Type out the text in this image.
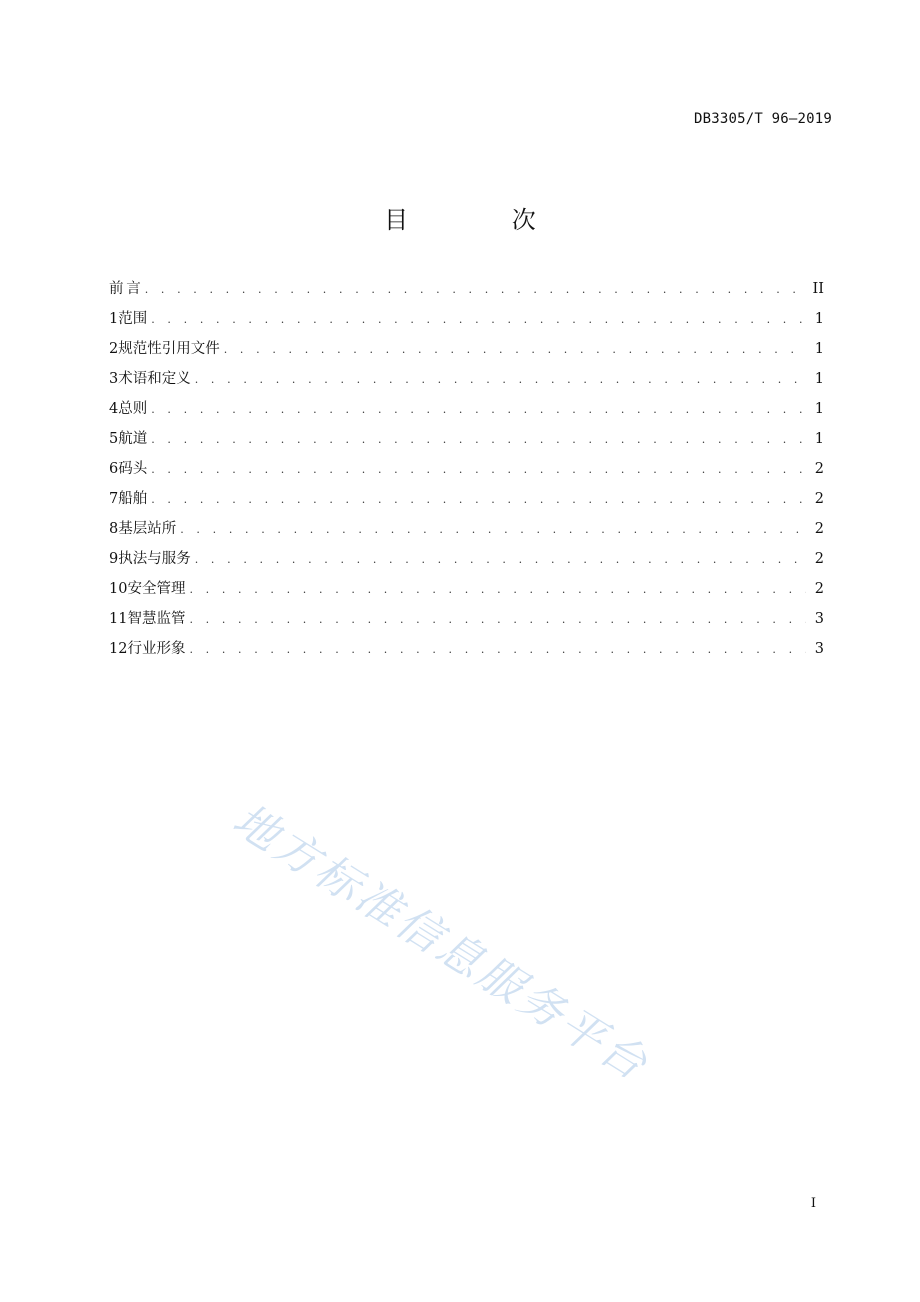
DB3305/T 96—2019
目 次
前 言 . . .	II
1 范围 . . .	1
2 规范性引用文件 . . .	1
3 术语和定义 . . .	1
4 总则 . . .	1
5 航道 . . .	1
6 码头 . . .	2
7 船舶 . . .	2
8 基层站所 . . .	2
9 执法与服务 . . .	2
10 安全管理 . . .	2
11 智慧监管 . . .	3
12 行业形象 . . .	3
地方标准信息服务平台
I
